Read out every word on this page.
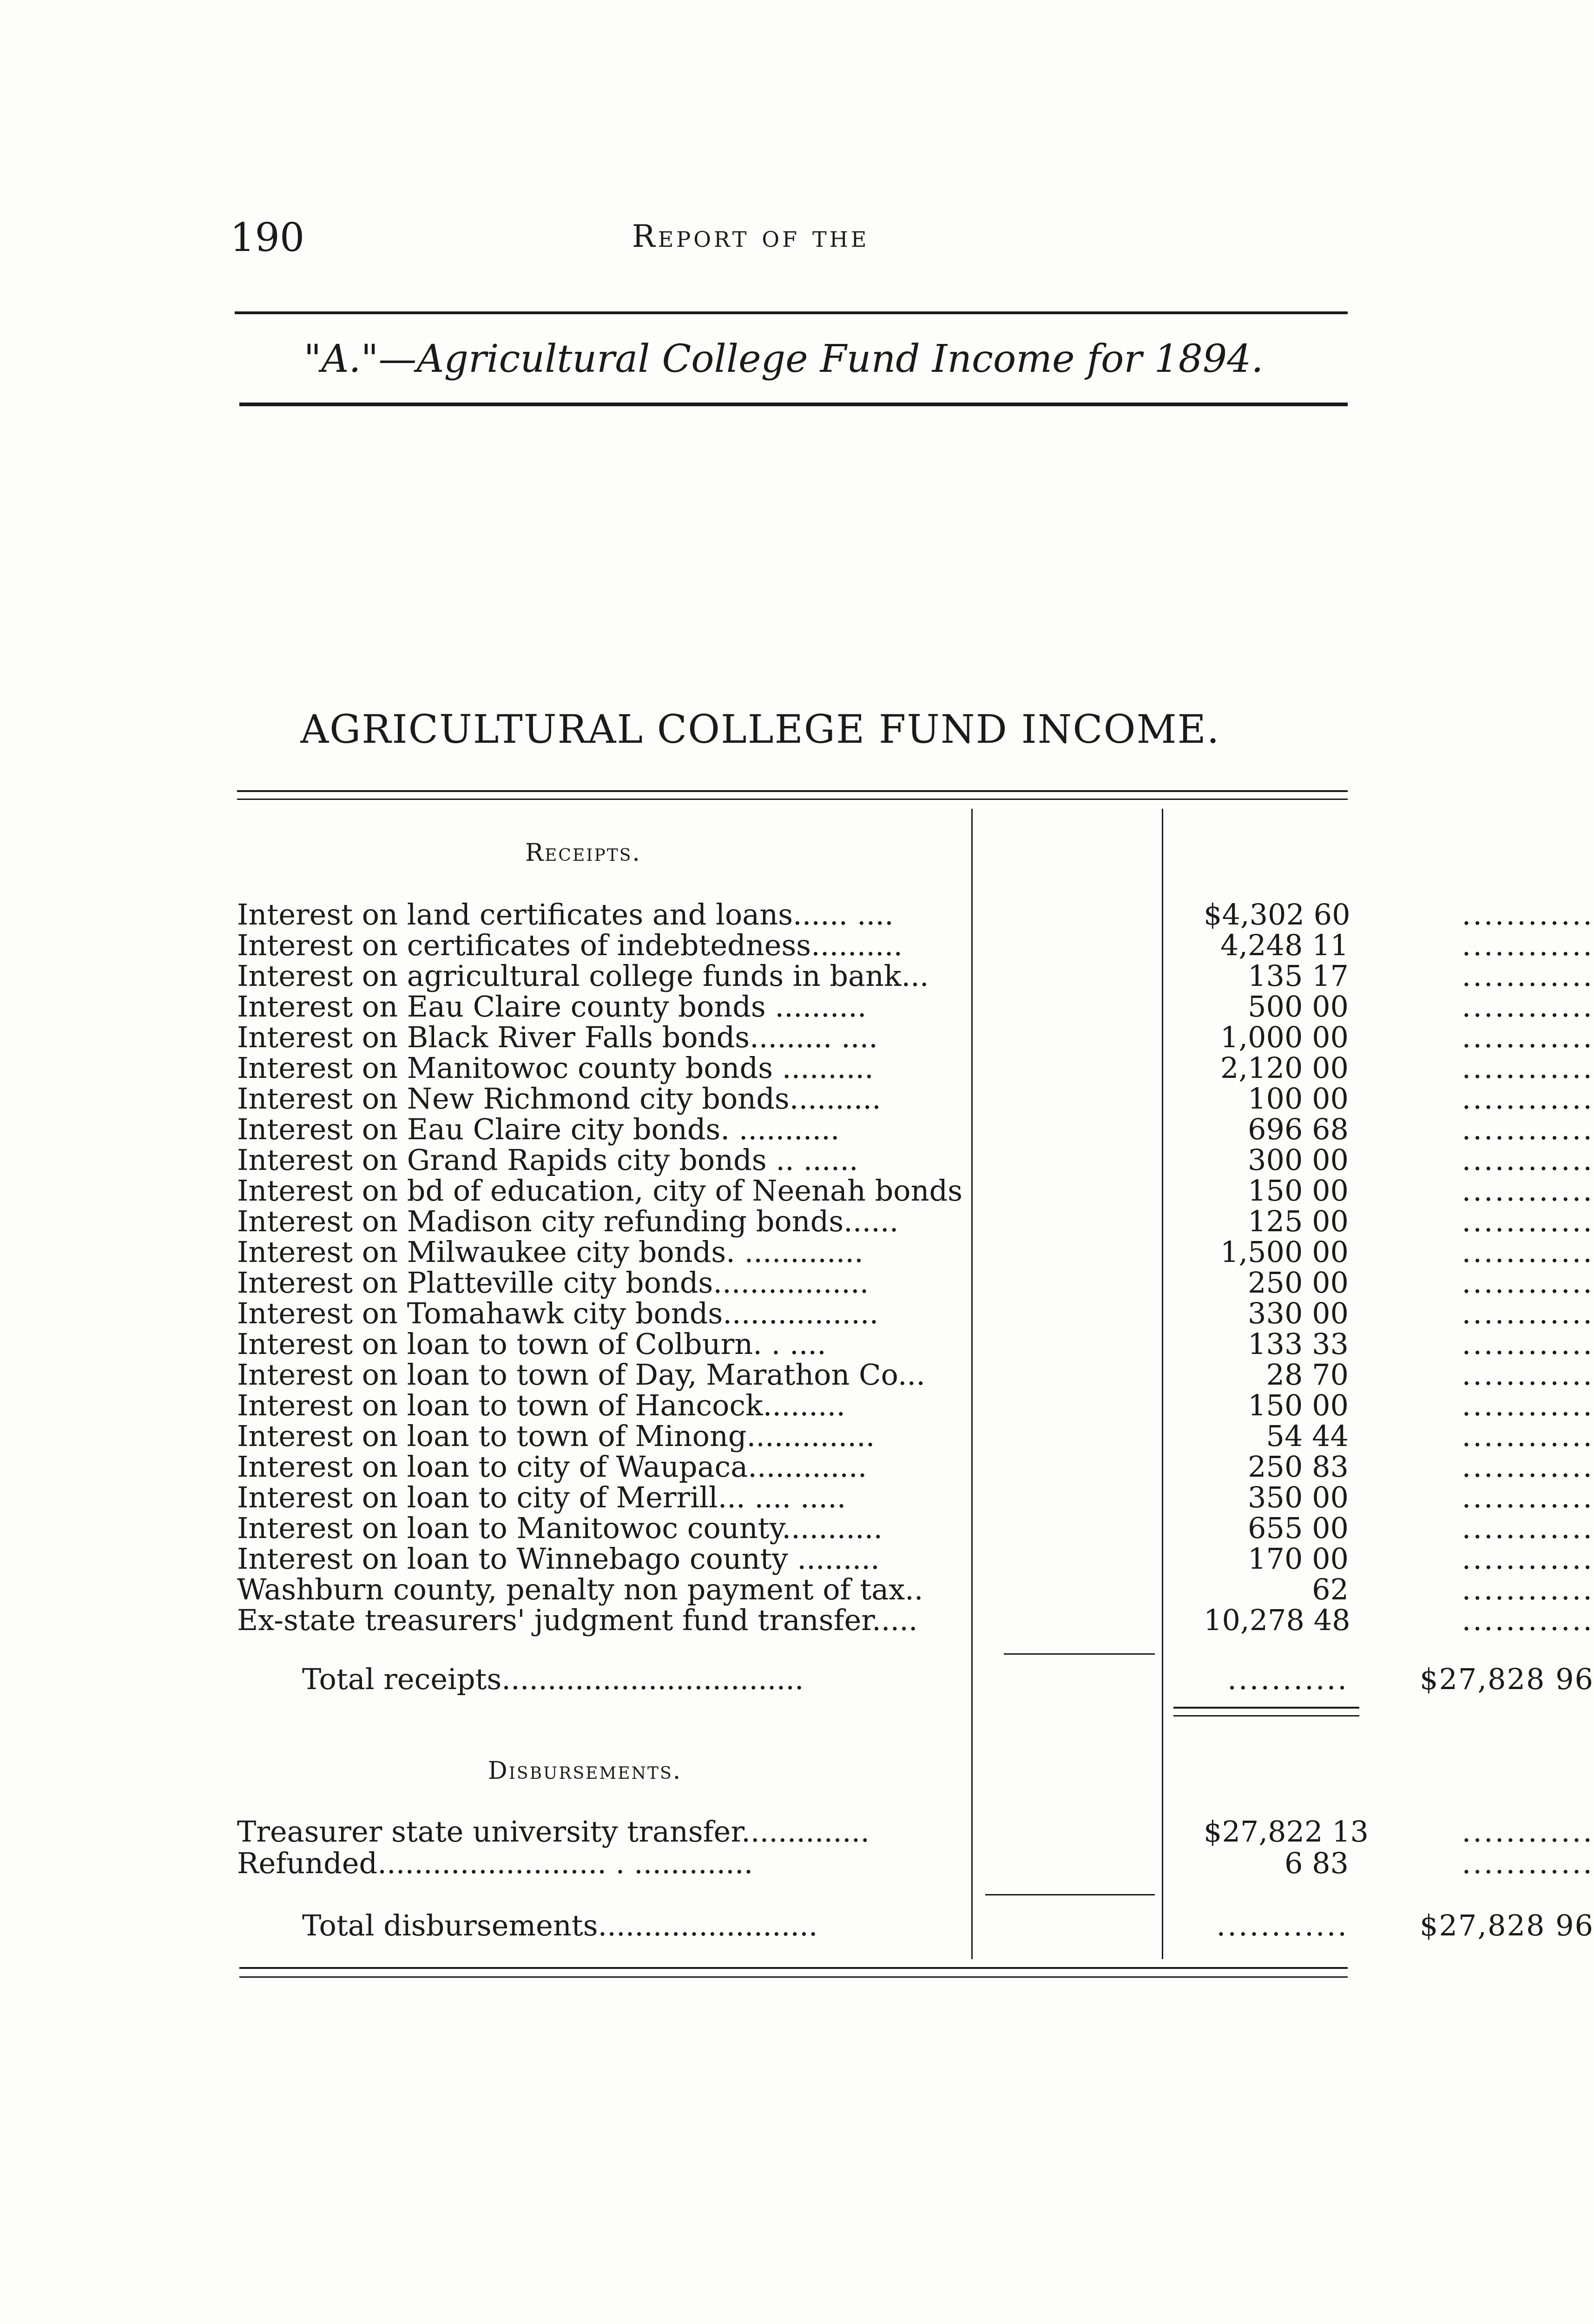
190	Report of the
"A."—Agricultural College Fund Income for 1894.
AGRICULTURAL COLLEGE FUND INCOME.
Receipts.
Interest on land certificates and loans...... ....	$4,302 60	............
Interest on certificates of indebtedness..........	4,248 11	............
Interest on agricultural college funds in bank...	135 17	............
Interest on Eau Claire county bonds ..........	500 00	............
Interest on Black River Falls bonds......... ....	1,000 00	............
Interest on Manitowoc county bonds ..........	2,120 00	............
Interest on New Richmond city bonds..........	100 00	............
Interest on Eau Claire city bonds. ...........	696 68	............
Interest on Grand Rapids city bonds .. ......	300 00	............
Interest on bd of education, city of Neenah bonds	150 00	............
Interest on Madison city refunding bonds......	125 00	............
Interest on Milwaukee city bonds. .............	1,500 00	............
Interest on Platteville city bonds.................	250 00	............
Interest on Tomahawk city bonds.................	330 00	............
Interest on loan to town of Colburn. . ....	133 33	............
Interest on loan to town of Day, Marathon Co...	28 70	............
Interest on loan to town of Hancock.........	150 00	............
Interest on loan to town of Minong..............	54 44	............
Interest on loan to city of Waupaca.............	250 83	............
Interest on loan to city of Merrill... .... .....	350 00	............
Interest on loan to Manitowoc county...........	655 00	............
Interest on loan to Winnebago county .........	170 00	............
Washburn county, penalty non payment of tax..	62	............
Ex-state treasurers' judgment fund transfer.....	10,278 48	............
Total receipts.................................	...........	$27,828 96
Disbursements.
Treasurer state university transfer..............	$27,822 13	............
Refunded......................... . .............	6 83	............
Total disbursements........................	............	$27,828 96
